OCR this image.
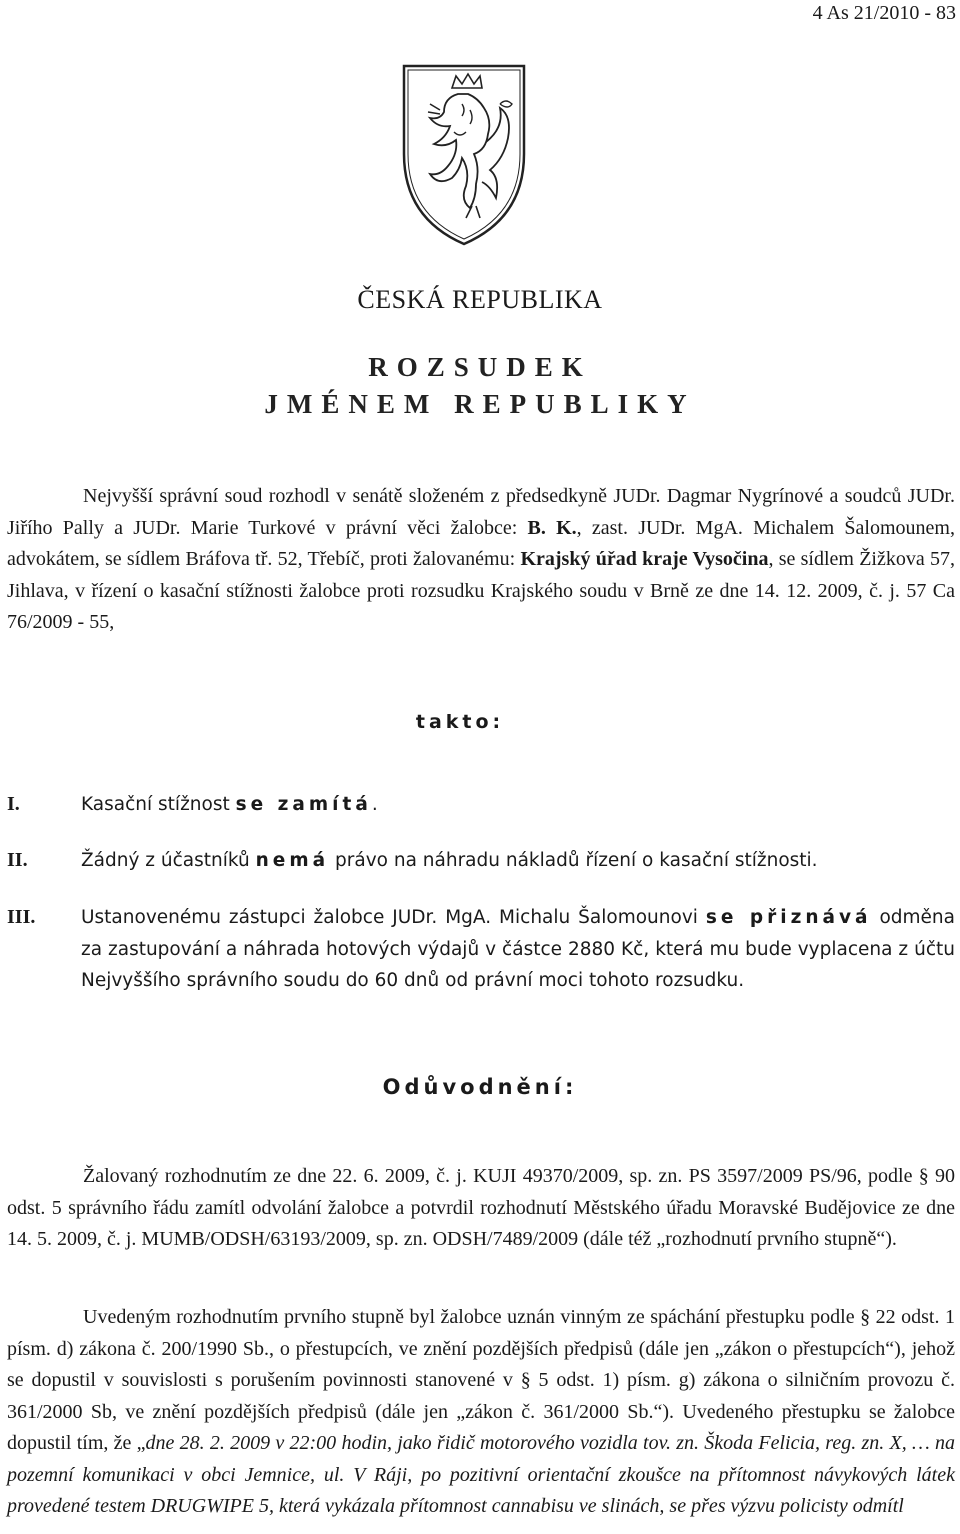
4 As 21/2010 - 83
ČESKÁ REPUBLIKA
ROZSUDEK
JMÉNEM REPUBLIKY
Nejvyšší správní soud rozhodl v senátě složeném z předsedkyně JUDr. Dagmar Nygrínové a soudců JUDr. Jiřího Pally a JUDr. Marie Turkové v právní věci žalobce: B. K., zast. JUDr. MgA. Michalem Šalomounem, advokátem, se sídlem Bráfova tř. 52, Třebíč, proti žalovanému: Krajský úřad kraje Vysočina, se sídlem Žižkova 57, Jihlava, v řízení o kasační stížnosti žalobce proti rozsudku Krajského soudu v Brně ze dne 14. 12. 2009, č. j. 57 Ca 76/2009 - 55,
takto:
I.	Kasační stížnost se zamítá.
II.	Žádný z účastníků nemá právo na náhradu nákladů řízení o kasační stížnosti.
III. Ustanovenému zástupci žalobce JUDr. MgA. Michalu Šalomounovi se přiznává odměna za zastupování a náhrada hotových výdajů v částce 2880 Kč, která mu bude vyplacena z účtu Nejvyššího správního soudu do 60 dnů od právní moci tohoto rozsudku.
Odůvodnění:
Žalovaný rozhodnutím ze dne 22. 6. 2009, č. j. KUJI 49370/2009, sp. zn. PS 3597/2009 PS/96, podle § 90 odst. 5 správního řádu zamítl odvolání žalobce a potvrdil rozhodnutí Městského úřadu Moravské Budějovice ze dne 14. 5. 2009, č. j. MUMB/ODSH/63193/2009, sp. zn. ODSH/7489/2009 (dále též „rozhodnutí prvního stupně“).
Uvedeným rozhodnutím prvního stupně byl žalobce uznán vinným ze spáchání přestupku podle § 22 odst. 1 písm. d) zákona č. 200/1990 Sb., o přestupcích, ve znění pozdějších předpisů (dále jen „zákon o přestupcích“), jehož se dopustil v souvislosti s porušením povinnosti stanovené v § 5 odst. 1) písm. g) zákona o silničním provozu č. 361/2000 Sb, ve znění pozdějších předpisů (dále jen „zákon č. 361/2000 Sb.“). Uvedeného přestupku se žalobce dopustil tím, že „dne 28. 2. 2009 v 22:00 hodin, jako řidič motorového vozidla tov. zn. Škoda Felicia, reg. zn. X, … na pozemní komunikaci v obci Jemnice, ul. V Ráji, po pozitivní orientační zkoušce na přítomnost návykových látek provedené testem DRUGWIPE 5, která vykázala přítomnost cannabisu ve slinách, se přes výzvu policisty odmítl
